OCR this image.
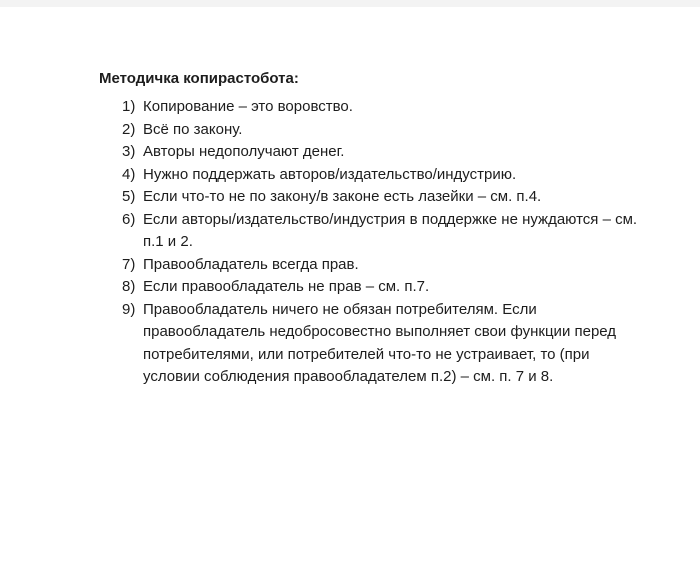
Методичка копирастобота:
1) Копирование – это воровство.
2) Всё по закону.
3) Авторы недополучают денег.
4) Нужно поддержать авторов/издательство/индустрию.
5) Если что-то не по закону/в законе есть лазейки – см. п.4.
6) Если авторы/издательство/индустрия в поддержке не нуждаются – см.
п.1 и 2.
7) Правообладатель всегда прав.
8) Если правообладатель не прав – см. п.7.
9) Правообладатель ничего не обязан потребителям. Если
правообладатель недобросовестно выполняет свои функции перед
потребителями, или потребителей что-то не устраивает, то (при
условии соблюдения правообладателем п.2) – см. п. 7 и 8.
